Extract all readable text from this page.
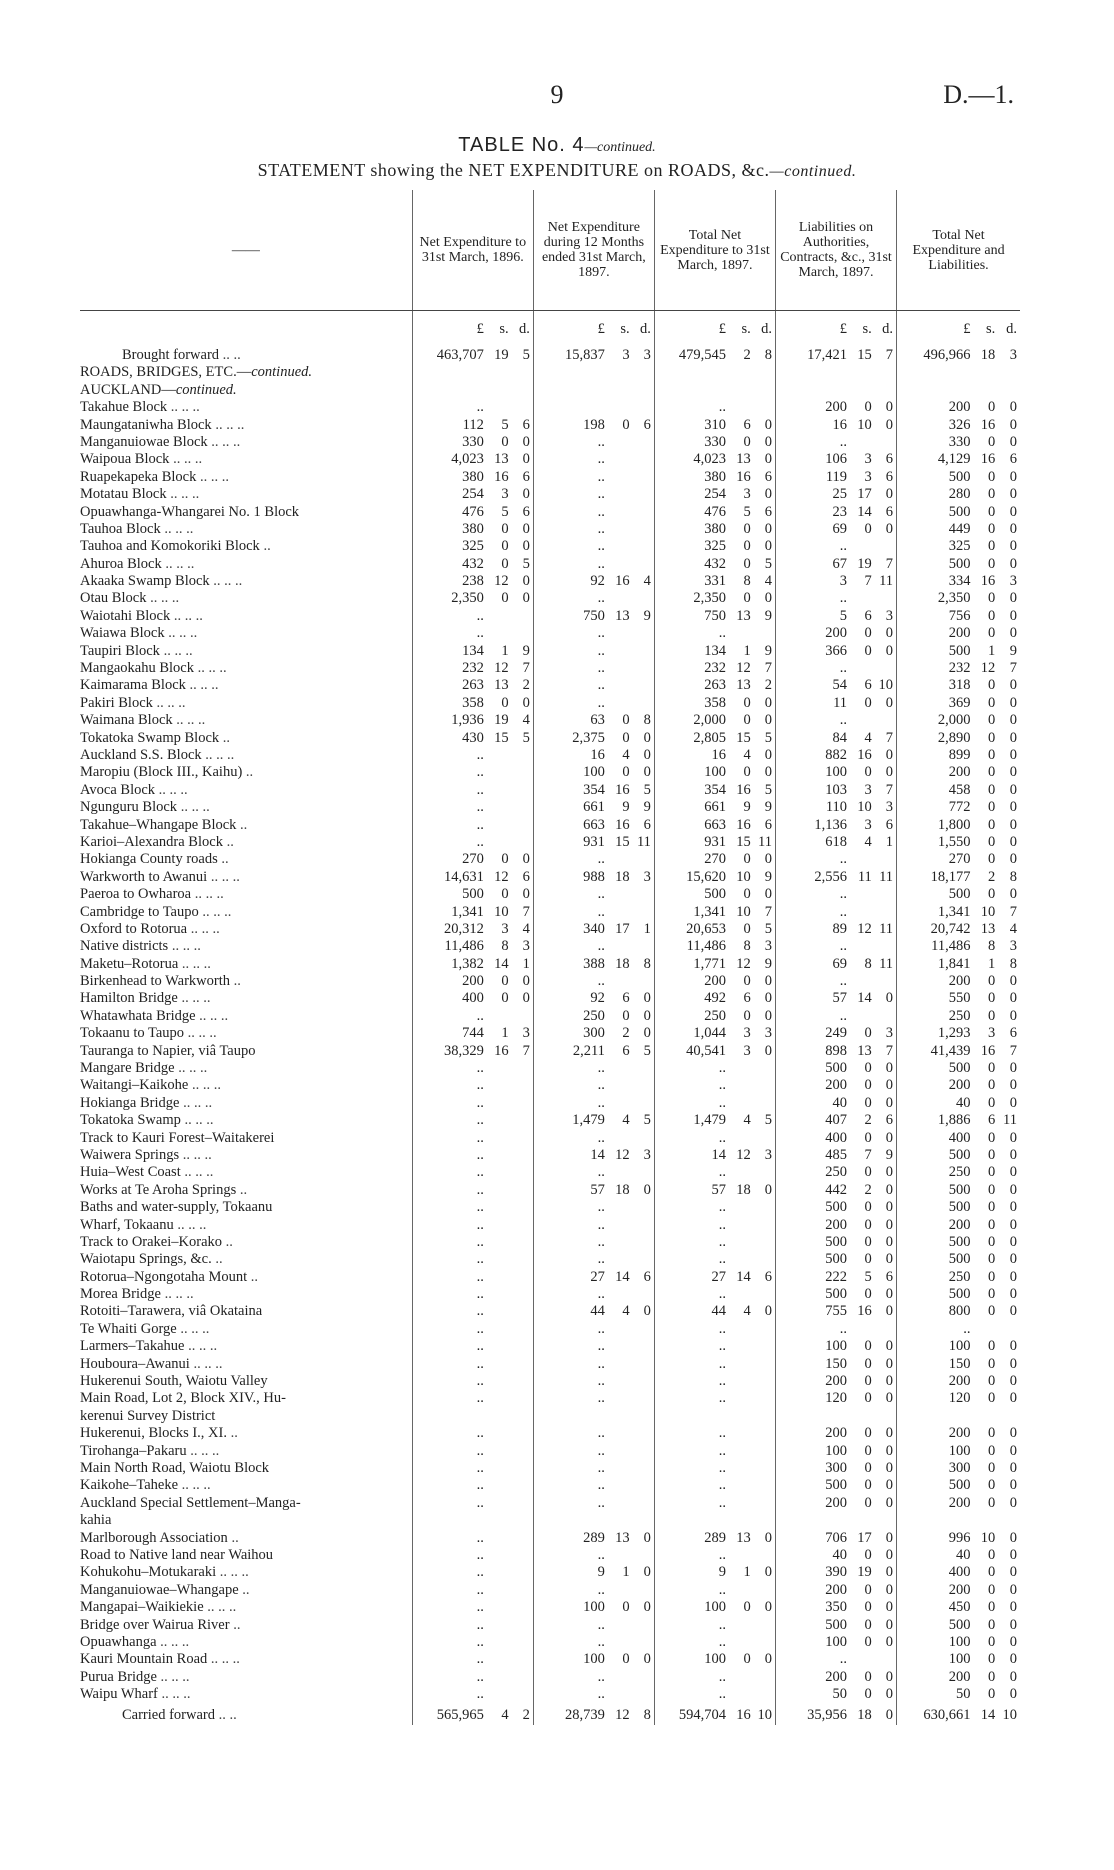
9	D.—1.
TABLE No. 4—continued.
STATEMENT showing the NET EXPENDITURE on ROADS, &c.—continued.
——	Net Expenditure to 31st March, 1896.			Net Expenditure during 12 Months ended 31st March, 1897.			Total Net Expenditure to 31st March, 1897.			Liabilities on Authorities, Contracts, &c., 31st March, 1897.			Total Net Expenditure and Liabilities.		
	£	s.	d.	£	s.	d.	£	s.	d.	£	s.	d.	£	s.	d.

Brought forward .. ..	463,707	19	5	15,837	3	3	479,545	2	8	17,421	15	7	496,966	18	3
ROADS, BRIDGES, ETC.—continued.															
AUCKLAND—continued.															
Takahue Block .. .. ..	..						..			200	0	0	200	0	0
Maungataniwha Block .. .. ..	112	5	6	198	0	6	310	6	0	16	10	0	326	16	0
Manganuiowae Block .. .. ..	330	0	0	..			330	0	0	..			330	0	0
Waipoua Block .. .. ..	4,023	13	0	..			4,023	13	0	106	3	6	4,129	16	6
Ruapekapeka Block .. .. ..	380	16	6	..			380	16	6	119	3	6	500	0	0
Motatau Block .. .. ..	254	3	0	..			254	3	0	25	17	0	280	0	0
Opuawhanga-Whangarei No. 1 Block	476	5	6	..			476	5	6	23	14	6	500	0	0
Tauhoa Block .. .. ..	380	0	0	..			380	0	0	69	0	0	449	0	0
Tauhoa and Komokoriki Block ..	325	0	0	..			325	0	0	..			325	0	0
Ahuroa Block .. .. ..	432	0	5	..			432	0	5	67	19	7	500	0	0
Akaaka Swamp Block .. .. ..	238	12	0	92	16	4	331	8	4	3	7	11	334	16	3
Otau Block .. .. ..	2,350	0	0	..			2,350	0	0	..			2,350	0	0
Waiotahi Block .. .. ..	..			750	13	9	750	13	9	5	6	3	756	0	0
Waiawa Block .. .. ..	..			..			..			200	0	0	200	0	0
Taupiri Block .. .. ..	134	1	9	..			134	1	9	366	0	0	500	1	9
Mangaokahu Block .. .. ..	232	12	7	..			232	12	7	..			232	12	7
Kaimarama Block .. .. ..	263	13	2	..			263	13	2	54	6	10	318	0	0
Pakiri Block .. .. ..	358	0	0	..			358	0	0	11	0	0	369	0	0
Waimana Block .. .. ..	1,936	19	4	63	0	8	2,000	0	0	..			2,000	0	0
Tokatoka Swamp Block ..	430	15	5	2,375	0	0	2,805	15	5	84	4	7	2,890	0	0
Auckland S.S. Block .. .. ..	..			16	4	0	16	4	0	882	16	0	899	0	0
Maropiu (Block III., Kaihu) ..	..			100	0	0	100	0	0	100	0	0	200	0	0
Avoca Block .. .. ..	..			354	16	5	354	16	5	103	3	7	458	0	0
Ngunguru Block .. .. ..	..			661	9	9	661	9	9	110	10	3	772	0	0
Takahue–Whangape Block ..	..			663	16	6	663	16	6	1,136	3	6	1,800	0	0
Karioi–Alexandra Block ..	..			931	15	11	931	15	11	618	4	1	1,550	0	0
Hokianga County roads ..	270	0	0	..			270	0	0	..			270	0	0
Warkworth to Awanui .. .. ..	14,631	12	6	988	18	3	15,620	10	9	2,556	11	11	18,177	2	8
Paeroa to Owharoa .. .. ..	500	0	0	..			500	0	0	..			500	0	0
Cambridge to Taupo .. .. ..	1,341	10	7	..			1,341	10	7	..			1,341	10	7
Oxford to Rotorua .. .. ..	20,312	3	4	340	17	1	20,653	0	5	89	12	11	20,742	13	4
Native districts .. .. ..	11,486	8	3	..			11,486	8	3	..			11,486	8	3
Maketu–Rotorua .. .. ..	1,382	14	1	388	18	8	1,771	12	9	69	8	11	1,841	1	8
Birkenhead to Warkworth ..	200	0	0	..			200	0	0	..			200	0	0
Hamilton Bridge .. .. ..	400	0	0	92	6	0	492	6	0	57	14	0	550	0	0
Whatawhata Bridge .. .. ..	..			250	0	0	250	0	0	..			250	0	0
Tokaanu to Taupo .. .. ..	744	1	3	300	2	0	1,044	3	3	249	0	3	1,293	3	6
Tauranga to Napier, viâ Taupo	38,329	16	7	2,211	6	5	40,541	3	0	898	13	7	41,439	16	7
Mangare Bridge .. .. ..	..			..			..			500	0	0	500	0	0
Waitangi–Kaikohe .. .. ..	..			..			..			200	0	0	200	0	0
Hokianga Bridge .. .. ..	..			..			..			40	0	0	40	0	0
Tokatoka Swamp .. .. ..	..			1,479	4	5	1,479	4	5	407	2	6	1,886	6	11
Track to Kauri Forest–Waitakerei	..			..			..			400	0	0	400	0	0
Waiwera Springs .. .. ..	..			14	12	3	14	12	3	485	7	9	500	0	0
Huia–West Coast .. .. ..	..			..			..			250	0	0	250	0	0
Works at Te Aroha Springs ..	..			57	18	0	57	18	0	442	2	0	500	0	0
Baths and water-supply, Tokaanu	..			..			..			500	0	0	500	0	0
Wharf, Tokaanu .. .. ..	..			..			..			200	0	0	200	0	0
Track to Orakei–Korako ..	..			..			..			500	0	0	500	0	0
Waiotapu Springs, &c. ..	..			..			..			500	0	0	500	0	0
Rotorua–Ngongotaha Mount ..	..			27	14	6	27	14	6	222	5	6	250	0	0
Morea Bridge .. .. ..	..			..			..			500	0	0	500	0	0
Rotoiti–Tarawera, viâ Okataina	..			44	4	0	44	4	0	755	16	0	800	0	0
Te Whaiti Gorge .. .. ..	..			..			..			..			..		
Larmers–Takahue .. .. ..	..			..			..			100	0	0	100	0	0
Houboura–Awanui .. .. ..	..			..			..			150	0	0	150	0	0
Hukerenui South, Waiotu Valley	..			..			..			200	0	0	200	0	0
Main Road, Lot 2, Block XIV., Hu-	..			..			..			120	0	0	120	0	0
kerenui Survey District															
Hukerenui, Blocks I., XI. ..	..			..			..			200	0	0	200	0	0
Tirohanga–Pakaru .. .. ..	..			..			..			100	0	0	100	0	0
Main North Road, Waiotu Block	..			..			..			300	0	0	300	0	0
Kaikohe–Taheke .. .. ..	..			..			..			500	0	0	500	0	0
Auckland Special Settlement–Manga-	..			..			..			200	0	0	200	0	0
kahia															
Marlborough Association ..	..			289	13	0	289	13	0	706	17	0	996	10	0
Road to Native land near Waihou	..			..			..			40	0	0	40	0	0
Kohukohu–Motukaraki .. .. ..	..			9	1	0	9	1	0	390	19	0	400	0	0
Manganuiowae–Whangape ..	..			..			..			200	0	0	200	0	0
Mangapai–Waikiekie .. .. ..	..			100	0	0	100	0	0	350	0	0	450	0	0
Bridge over Wairua River ..	..			..			..			500	0	0	500	0	0
Opuawhanga .. .. ..	..			..			..			100	0	0	100	0	0
Kauri Mountain Road .. .. ..	..			100	0	0	100	0	0	..			100	0	0
Purua Bridge .. .. ..	..			..			..			200	0	0	200	0	0
Waipu Wharf .. .. ..	..			..			..			50	0	0	50	0	0
Carried forward .. ..	565,965	4	2	28,739	12	8	594,704	16	10	35,956	18	0	630,661	14	10
